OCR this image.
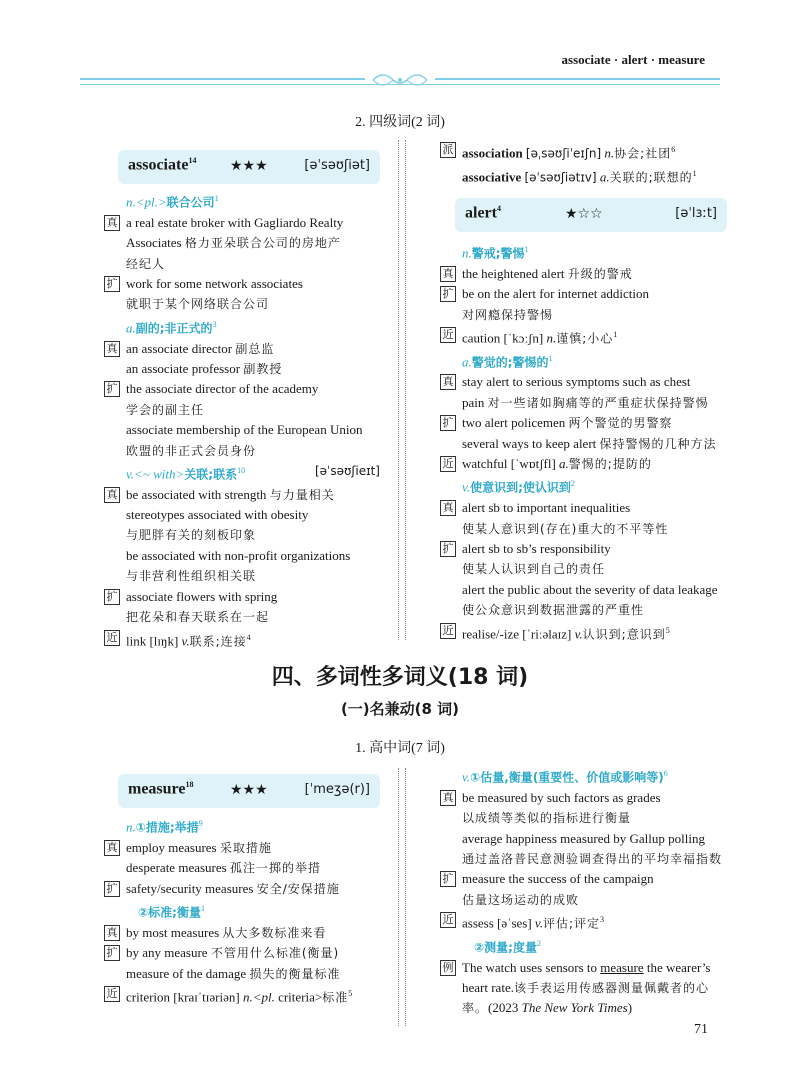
associate · alert · measure
2. 四级词(2 词)
associate$^{14}$ ★★★	[əˈsəʊʃiət]
n.<pl.>联合公司$^1$
真 a real estate broker with Gagliardo Realty
Associates 格力亚朵联合公司的房地产
经纪人
扩 work for some network associates
就职于某个网络联合公司
a.副的;非正式的$^3$
真 an associate director 副总监
an associate professor 副教授
扩 the associate director of the academy
学会的副主任
associate membership of the European Union
欧盟的非正式会员身份
v.<~ with>关联;联系$^{10}$	[əˈsəʊʃieɪt]
真 be associated with strength 与力量相关
stereotypes associated with obesity
与肥胖有关的刻板印象
be associated with non-profit organizations
与非营利性组织相关联
扩 associate flowers with spring
把花朵和春天联系在一起
近 link [lɪŋk] v.联系;连接$^4$
派 association [əˌsəʊʃiˈeɪʃn] n.协会;社团$^6$
associative [əˈsəʊʃiətɪv] a.关联的;联想的$^1$
alert$^4$	★☆☆	[əˈlɜːt]
n.警戒;警惕$^1$
真 the heightened alert 升级的警戒
扩 be on the alert for internet addiction
对网瘾保持警惕
近 caution [ˈkɔːʃn] n.谨慎;小心$^1$
a.警觉的;警惕的$^1$
真 stay alert to serious symptoms such as chest
pain 对一些诸如胸痛等的严重症状保持警惕
扩 two alert policemen 两个警觉的男警察
several ways to keep alert 保持警惕的几种方法
近 watchful [ˈwɒtʃfl] a.警惕的;提防的
v.使意识到;使认识到$^2$
真 alert sb to important inequalities
使某人意识到(存在)重大的不平等性
扩 alert sb to sb’s responsibility
使某人认识到自己的责任
alert the public about the severity of data leakage
使公众意识到数据泄露的严重性
近 realise/-ize [ˈriːəlaɪz] v.认识到;意识到$^5$
四、多词性多词义(18 词)
(一)名兼动(8 词)
1. 高中词(7 词)
measure$^{18}$	★★★	[ˈmeʒə(r)]
n.①措施;举措$^9$
真 employ measures 采取措施
desperate measures 孤注一掷的举措
扩 safety/security measures 安全/安保措施
②标准;衡量$^1$
真 by most measures 从大多数标准来看
扩 by any measure 不管用什么标准(衡量)
measure of the damage 损失的衡量标准
近 criterion [kraɪˈtɪəriən] n.<pl. criteria>标准$^5$
v.①估量,衡量(重要性、价值或影响等)$^6$
真 be measured by such factors as grades
以成绩等类似的指标进行衡量
average happiness measured by Gallup polling
通过盖洛普民意测验调查得出的平均幸福指数
扩 measure the success of the campaign
估量这场运动的成败
近 assess [əˈses] v.评估;评定$^3$
②测量;度量$^2$
例 The watch uses sensors to measure the wearer’s
heart rate.该手表运用传感器测量佩戴者的心
率。(2023 The New York Times)
71
